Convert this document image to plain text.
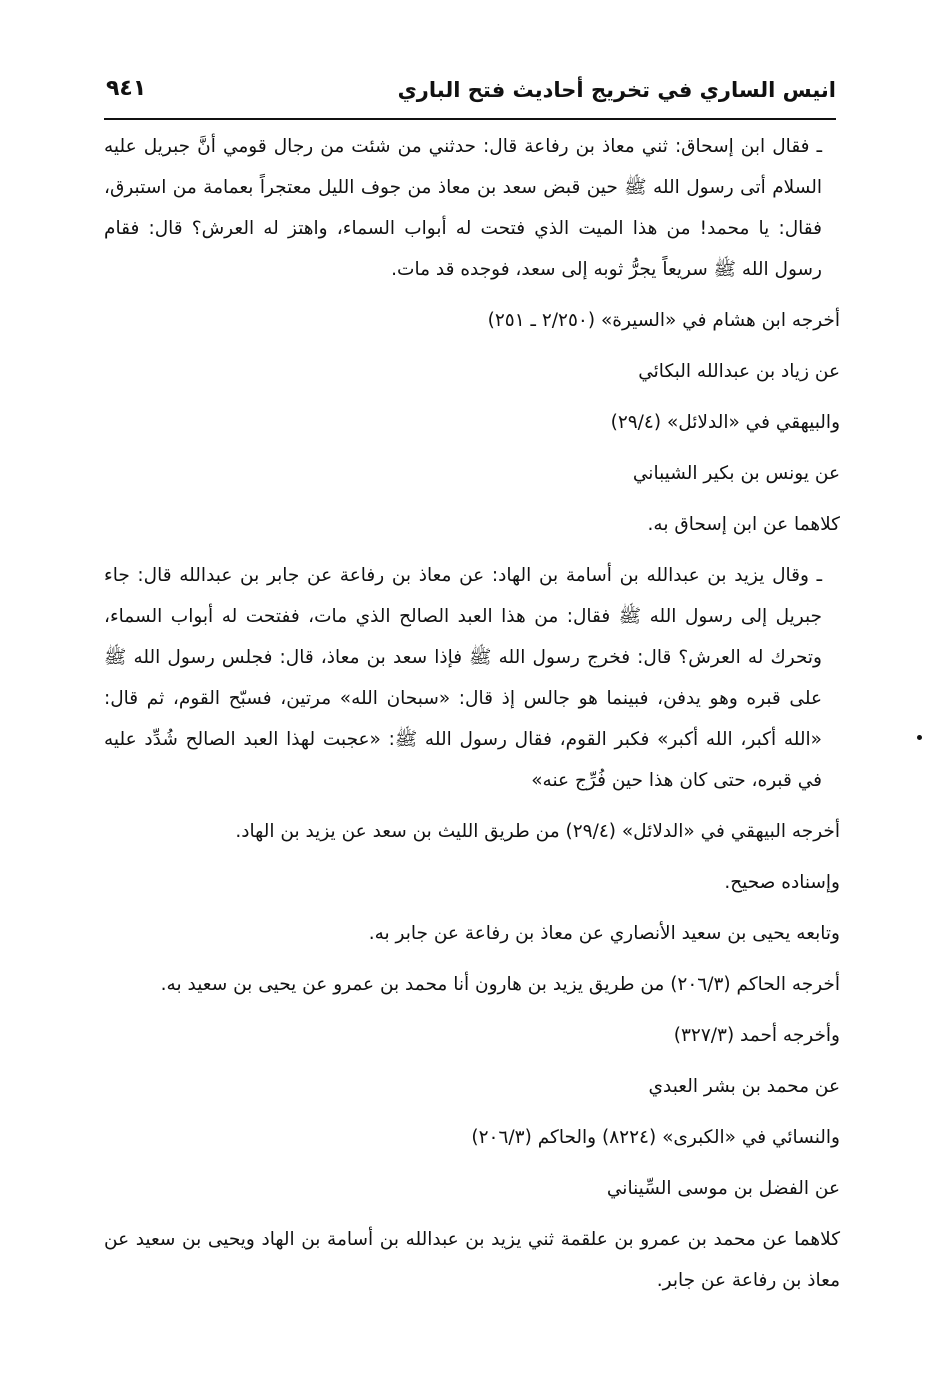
انيس الساري في تخريج أحاديث فتح الباري
٩٤١

ـ فقال ابن إسحاق: ثني معاذ بن رفاعة قال: حدثني من شئت من رجال قومي أنَّ جبريل عليه السلام أتى رسول الله ﷺ حين قبض سعد بن معاذ من جوف الليل معتجراً بعمامة من استبرق، فقال: يا محمد! من هذا الميت الذي فتحت له أبواب السماء، واهتز له العرش؟ قال: فقام رسول الله ﷺ سريعاً يجرُّ ثوبه إلى سعد، فوجده قد مات.

أخرجه ابن هشام في «السيرة» (٢/٢٥٠ ـ ٢٥١)

عن زياد بن عبدالله البكائي

والبيهقي في «الدلائل» (٢٩/٤)

عن يونس بن بكير الشيباني

كلاهما عن ابن إسحاق به.

ـ وقال يزيد بن عبدالله بن أسامة بن الهاد: عن معاذ بن رفاعة عن جابر بن عبدالله قال: جاء جبريل إلى رسول الله ﷺ فقال: من هذا العبد الصالح الذي مات، ففتحت له أبواب السماء، وتحرك له العرش؟ قال: فخرج رسول الله ﷺ فإذا سعد بن معاذ، قال: فجلس رسول الله ﷺ على قبره وهو يدفن، فبينما هو جالس إذ قال: «سبحان الله» مرتين، فسبّح القوم، ثم قال: «الله أكبر، الله أكبر» فكبر القوم، فقال رسول الله ﷺ: «عجبت لهذا العبد الصالح شُدِّد عليه في قبره، حتى كان هذا حين فُرِّج عنه»

أخرجه البيهقي في «الدلائل» (٢٩/٤) من طريق الليث بن سعد عن يزيد بن الهاد.

وإسناده صحيح.

وتابعه يحيى بن سعيد الأنصاري عن معاذ بن رفاعة عن جابر به.

أخرجه الحاكم (٢٠٦/٣) من طريق يزيد بن هارون أنا محمد بن عمرو عن يحيى بن سعيد به.

وأخرجه أحمد (٣٢٧/٣)

عن محمد بن بشر العبدي

والنسائي في «الكبرى» (٨٢٢٤) والحاكم (٢٠٦/٣)

عن الفضل بن موسى السِّيناني

كلاهما عن محمد بن عمرو بن علقمة ثني يزيد بن عبدالله بن أسامة بن الهاد ويحيى بن سعيد عن معاذ بن رفاعة عن جابر.
